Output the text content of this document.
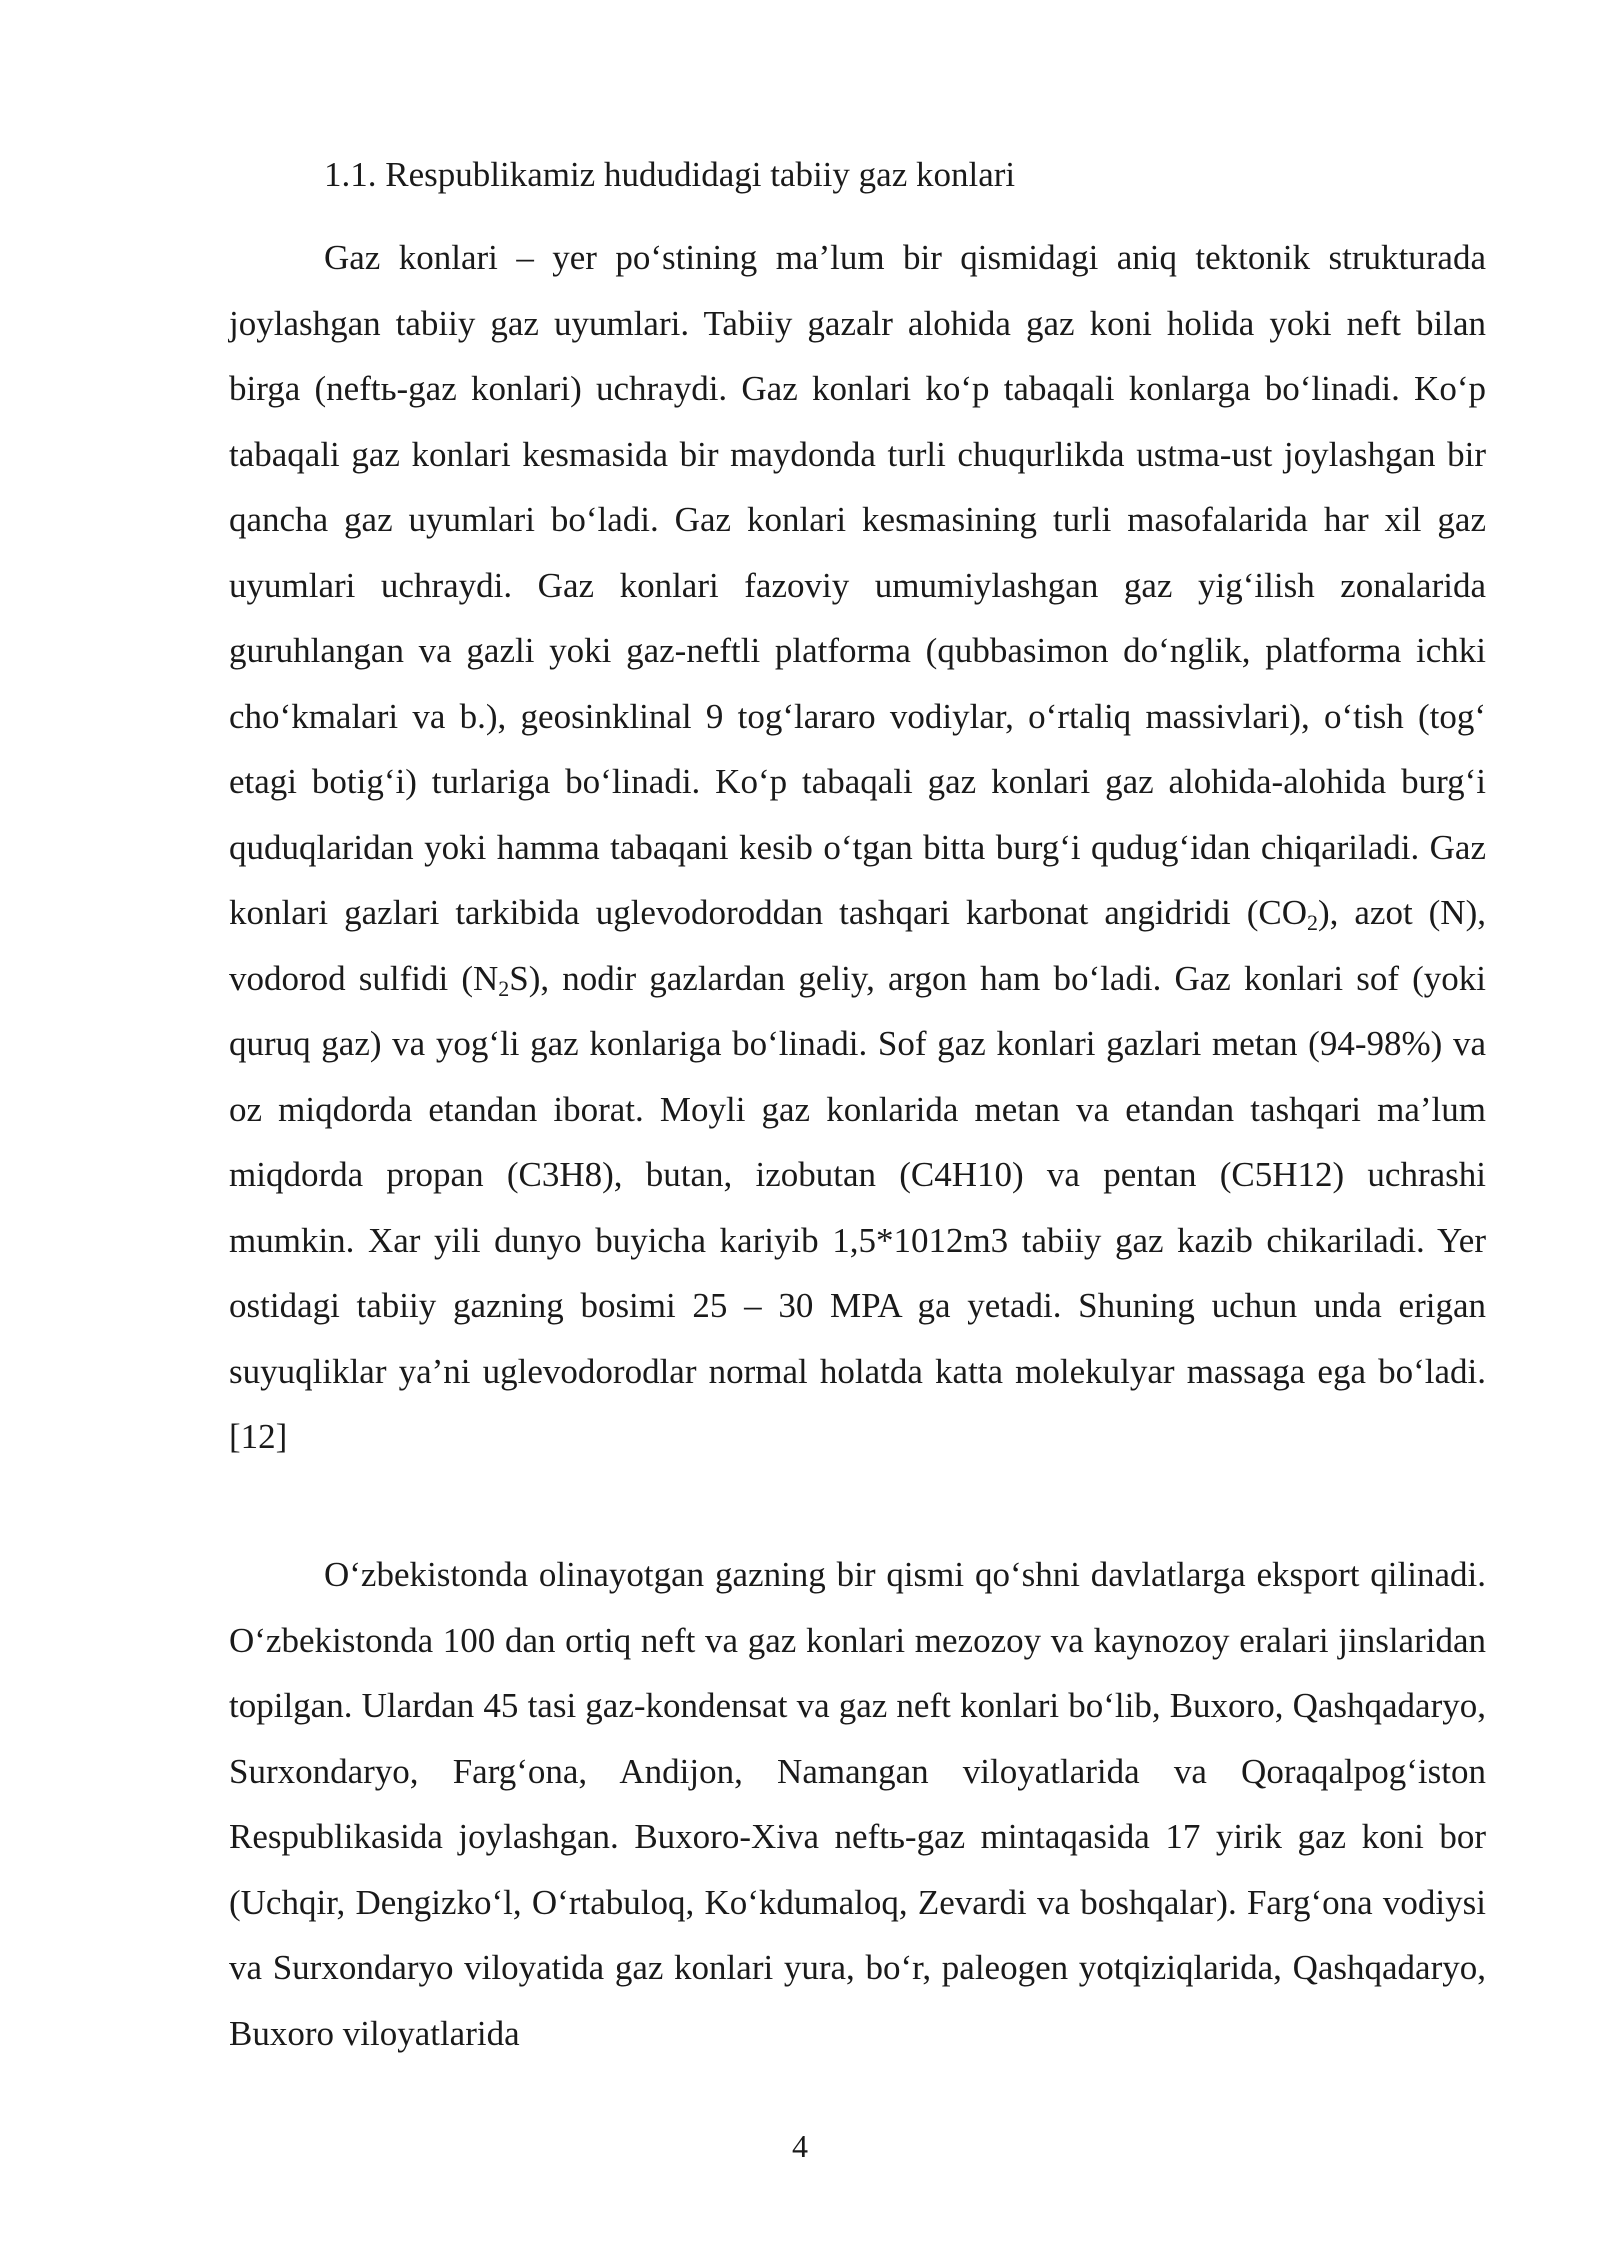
1.1. Respublikamiz hududidagi tabiiy gaz konlari

Gaz konlari – yer po‘stining ma’lum bir qismidagi aniq tektonik strukturada joylashgan tabiiy gaz uyumlari. Tabiiy gazalr alohida gaz koni holida yoki neft bilan birga (neftь-gaz konlari) uchraydi. Gaz konlari ko‘p tabaqali konlarga bo‘linadi. Ko‘p tabaqali gaz konlari kesmasida bir maydonda turli chuqurlikda ustma-ust joylashgan bir qancha gaz uyumlari bo‘ladi. Gaz konlari kesmasining turli masofalarida har xil gaz uyumlari uchraydi. Gaz konlari fazoviy umumiylashgan gaz yig‘ilish zonalarida guruhlangan va gazli yoki gaz-neftli platforma (qubbasimon do‘nglik, platforma ichki cho‘kmalari va b.), geosinklinal 9 tog‘lararo vodiylar, o‘rtaliq massivlari), o‘tish (tog‘ etagi botig‘i) turlariga bo‘linadi. Ko‘p tabaqali gaz konlari gaz alohida-alohida burg‘i quduqlaridan yoki hamma tabaqani kesib o‘tgan bitta burg‘i qudug‘idan chiqariladi. Gaz konlari gazlari tarkibida uglevodoroddan tashqari karbonat angidridi $(CO_2)$, azot (N), vodorod sulfidi $(N_2S)$, nodir gazlardan geliy, argon ham bo‘ladi. Gaz konlari sof (yoki quruq gaz) va yog‘li gaz konlariga bo‘linadi. Sof gaz konlari gazlari metan (94-98%) va oz miqdorda etandan iborat. Moyli gaz konlarida metan va etandan tashqari ma’lum miqdorda propan (C3H8), butan, izobutan (C4H10) va pentan (C5H12) uchrashi mumkin. Xar yili dunyo buyicha kariyib 1,5*1012m3 tabiiy gaz kazib chikariladi. Yer ostidagi tabiiy gazning bosimi 25 – 30 MPA ga yetadi. Shuning uchun unda erigan suyuqliklar ya’ni uglevodorodlar normal holatda katta molekulyar massaga ega bo‘ladi. [12]

O‘zbekistonda olinayotgan gazning bir qismi qo‘shni davlatlarga eksport qilinadi. O‘zbekistonda 100 dan ortiq neft va gaz konlari mezozoy va kaynozoy eralari jinslaridan topilgan. Ulardan 45 tasi gaz-kondensat va gaz neft konlari bo‘lib, Buxoro, Qashqadaryo, Surxondaryo, Farg‘ona, Andijon, Namangan viloyatlarida va Qoraqalpog‘iston Respublikasida joylashgan. Buxoro-Xiva neftь-gaz mintaqasida 17 yirik gaz koni bor (Uchqir, Dengizko‘l, O‘rtabuloq, Ko‘kdumaloq, Zevardi va boshqalar). Farg‘ona vodiysi va Surxondaryo viloyatida gaz konlari yura, bo‘r, paleogen yotqiziqlarida, Qashqadaryo, Buxoro viloyatlarida

4
